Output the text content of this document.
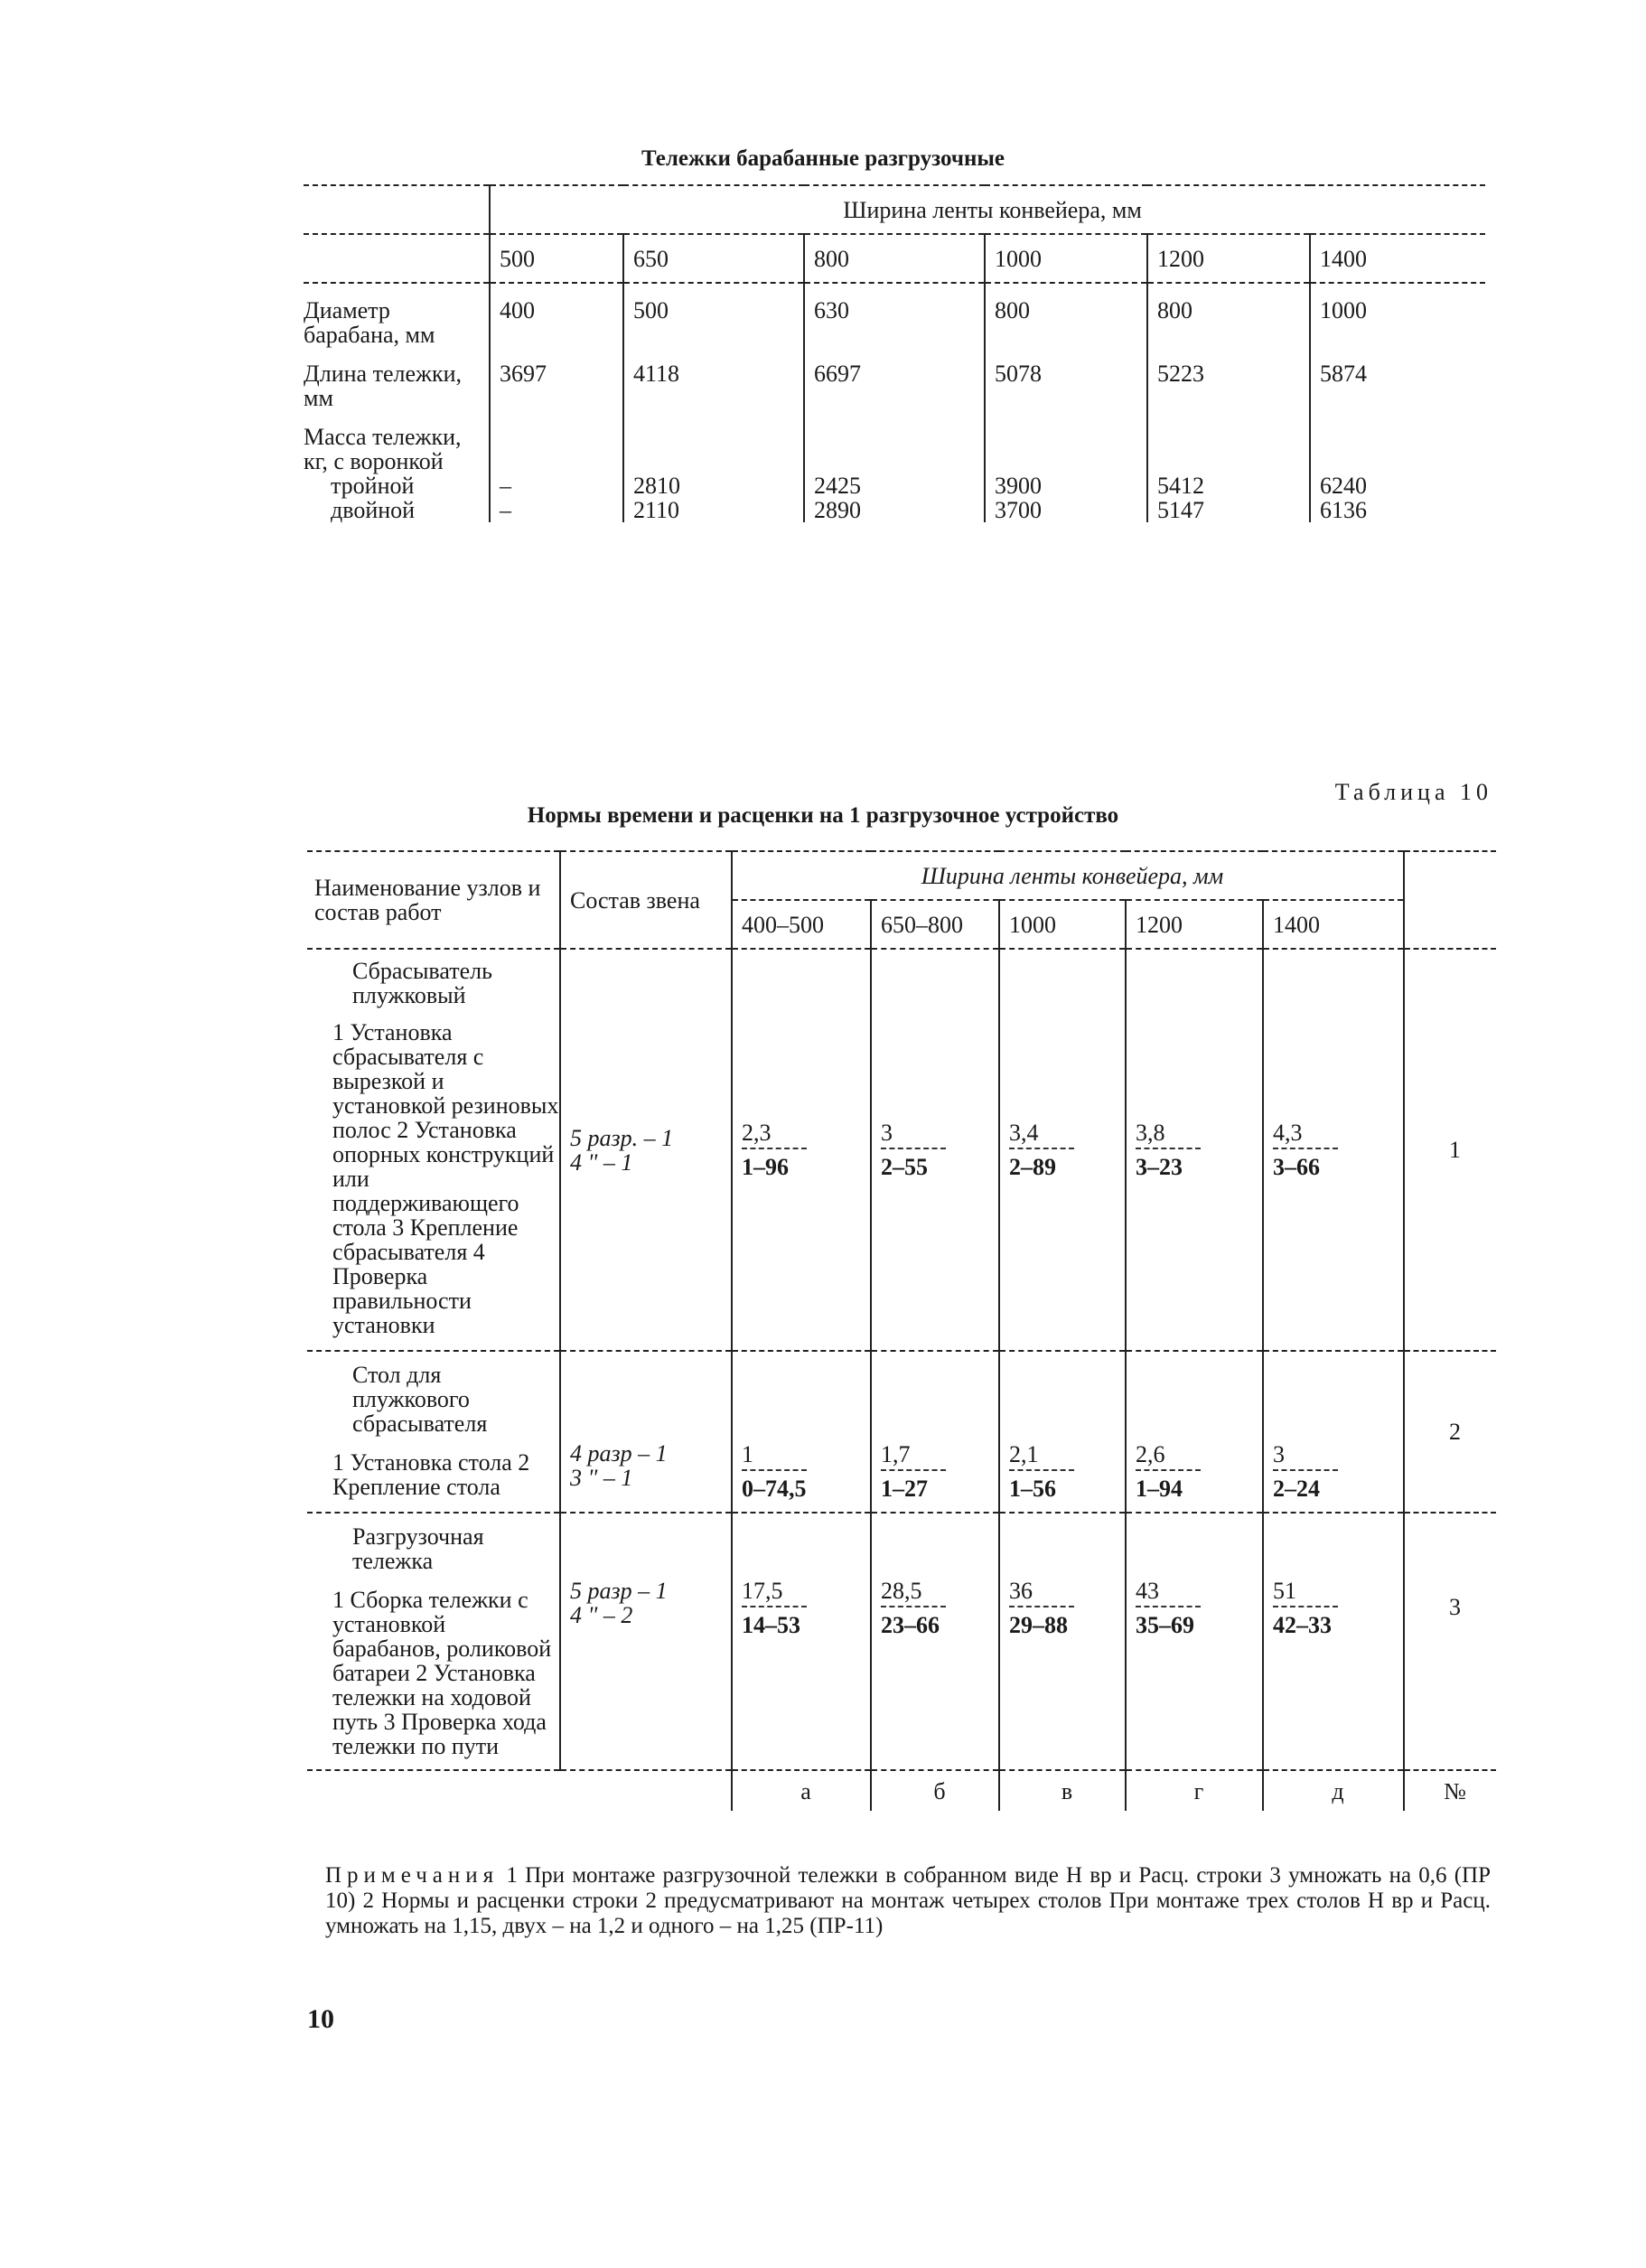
Тележки барабанные разгрузочные
	Ширина ленты конвейера, мм					
	500	650	800	1000	1200	1400
Диаметр барабана, мм	400	500	630	800	800	1000
Длина тележки, мм	3697	4118	6697	5078	5223	5874
Масса тележки, кг, с воронкой						
тройной	–	2810	2425	3900	5412	6240
двойной	–	2110	2890	3700	5147	6136
Таблица 10
Нормы времени и расценки на 1 разгрузочное устройство
Наименование узлов и состав работ	Состав звена	Ширина ленты конвейера, мм					
		400–500	650–800	1000	1200	1400	

Сбрасыватель плужковый
1 Установка сбрасывателя с вырезкой и установкой резиновых полос 2 Установка опорных конструкций или поддерживающего стола 3 Крепление сбрасывателя 4 Проверка правильности установки	5 разр. – 1
4 " – 1	$\frac{2,3}{1-96}$	$\frac{3}{2-55}$	$\frac{3,4}{2-89}$	$\frac{3,8}{3-23}$	$\frac{4,3}{3-66}$	1

Стол для плужкового сбрасывателя
1 Установка стола 2 Крепление стола	4 разр – 1
3 " – 1	$\frac{1}{0-74,5}$	$\frac{1,7}{1-27}$	$\frac{2,1}{1-56}$	$\frac{2,6}{1-94}$	$\frac{3}{2-24}$	2

Разгрузочная тележка
1 Сборка тележки с установкой барабанов, роликовой батареи 2 Установка тележки на ходовой путь 3 Проверка хода тележки по пути	5 разр – 1
4 " – 2	$\frac{17,5}{14-53}$	$\frac{28,5}{23-66}$	$\frac{36}{29-88}$	$\frac{43}{35-69}$	$\frac{51}{42-33}$	3
		а	б	в	г	д	№
Примечания 1 При монтаже разгрузочной тележки в собранном виде Н вр и Расц. строки 3 умножать на 0,6 (ПР 10) 2 Нормы и расценки строки 2 предусматривают на монтаж четырех столов При монтаже трех столов Н вр и Расц. умножать на 1,15, двух – на 1,2 и одного – на 1,25 (ПР-11)
10
